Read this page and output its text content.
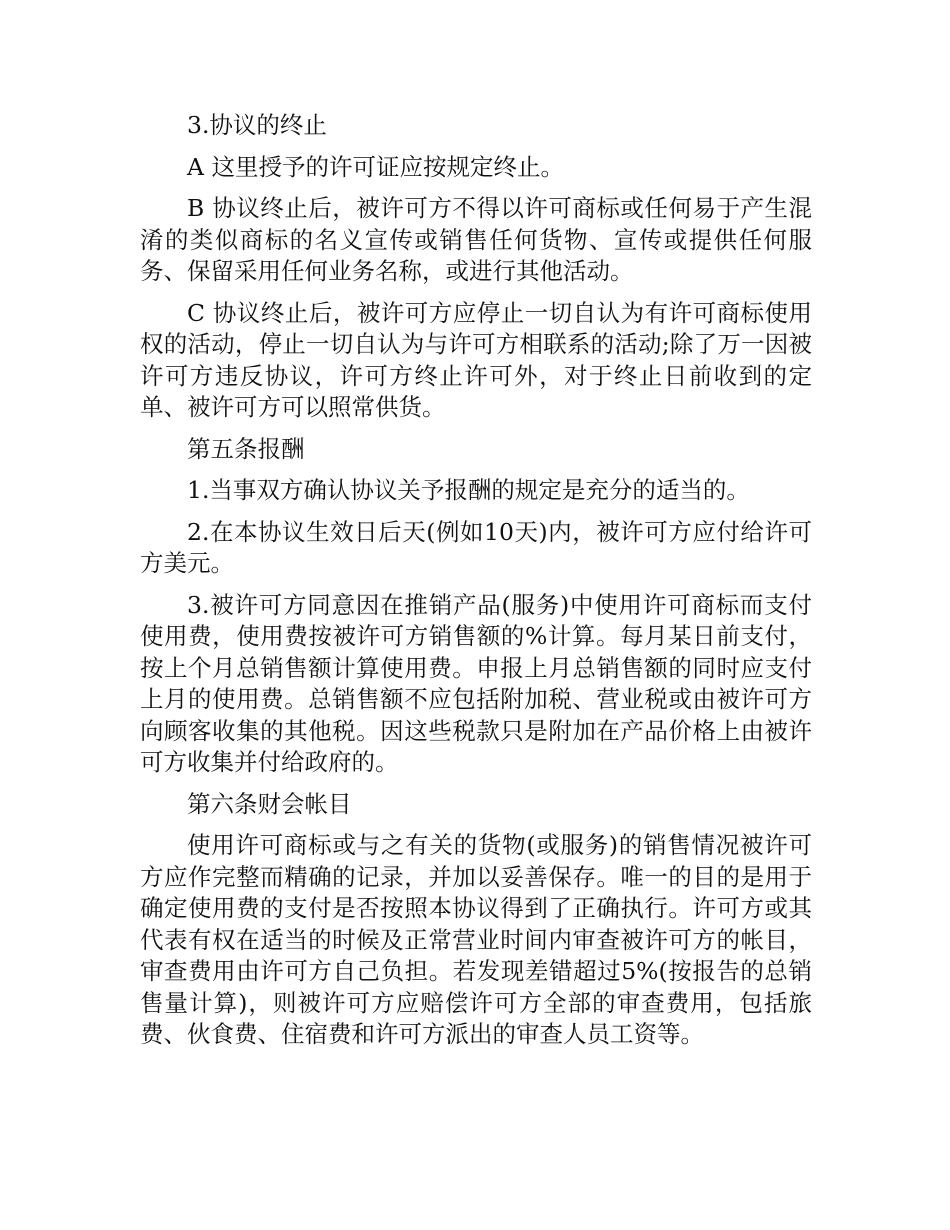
3.协议的终止

A 这里授予的许可证应按规定终止。

B 协议终止后，被许可方不得以许可商标或任何易于产生混淆的类似商标的名义宣传或销售任何货物、宣传或提供任何服务、保留采用任何业务名称，或进行其他活动。

C 协议终止后，被许可方应停止一切自认为有许可商标使用权的活动，停止一切自认为与许可方相联系的活动;除了万一因被许可方违反协议，许可方终止许可外，对于终止日前收到的定单、被许可方可以照常供货。

第五条报酬

1.当事双方确认协议关予报酬的规定是充分的适当的。

2.在本协议生效日后天(例如10天)内，被许可方应付给许可方美元。

3.被许可方同意因在推销产品(服务)中使用许可商标而支付使用费，使用费按被许可方销售额的%计算。每月某日前支付，按上个月总销售额计算使用费。申报上月总销售额的同时应支付上月的使用费。总销售额不应包括附加税、营业税或由被许可方向顾客收集的其他税。因这些税款只是附加在产品价格上由被许可方收集并付给政府的。

第六条财会帐目

使用许可商标或与之有关的货物(或服务)的销售情况被许可方应作完整而精确的记录，并加以妥善保存。唯一的目的是用于确定使用费的支付是否按照本协议得到了正确执行。许可方或其代表有权在适当的时候及正常营业时间内审查被许可方的帐目，审查费用由许可方自己负担。若发现差错超过5%(按报告的总销售量计算)，则被许可方应赔偿许可方全部的审查费用，包括旅费、伙食费、住宿费和许可方派出的审查人员工资等。
